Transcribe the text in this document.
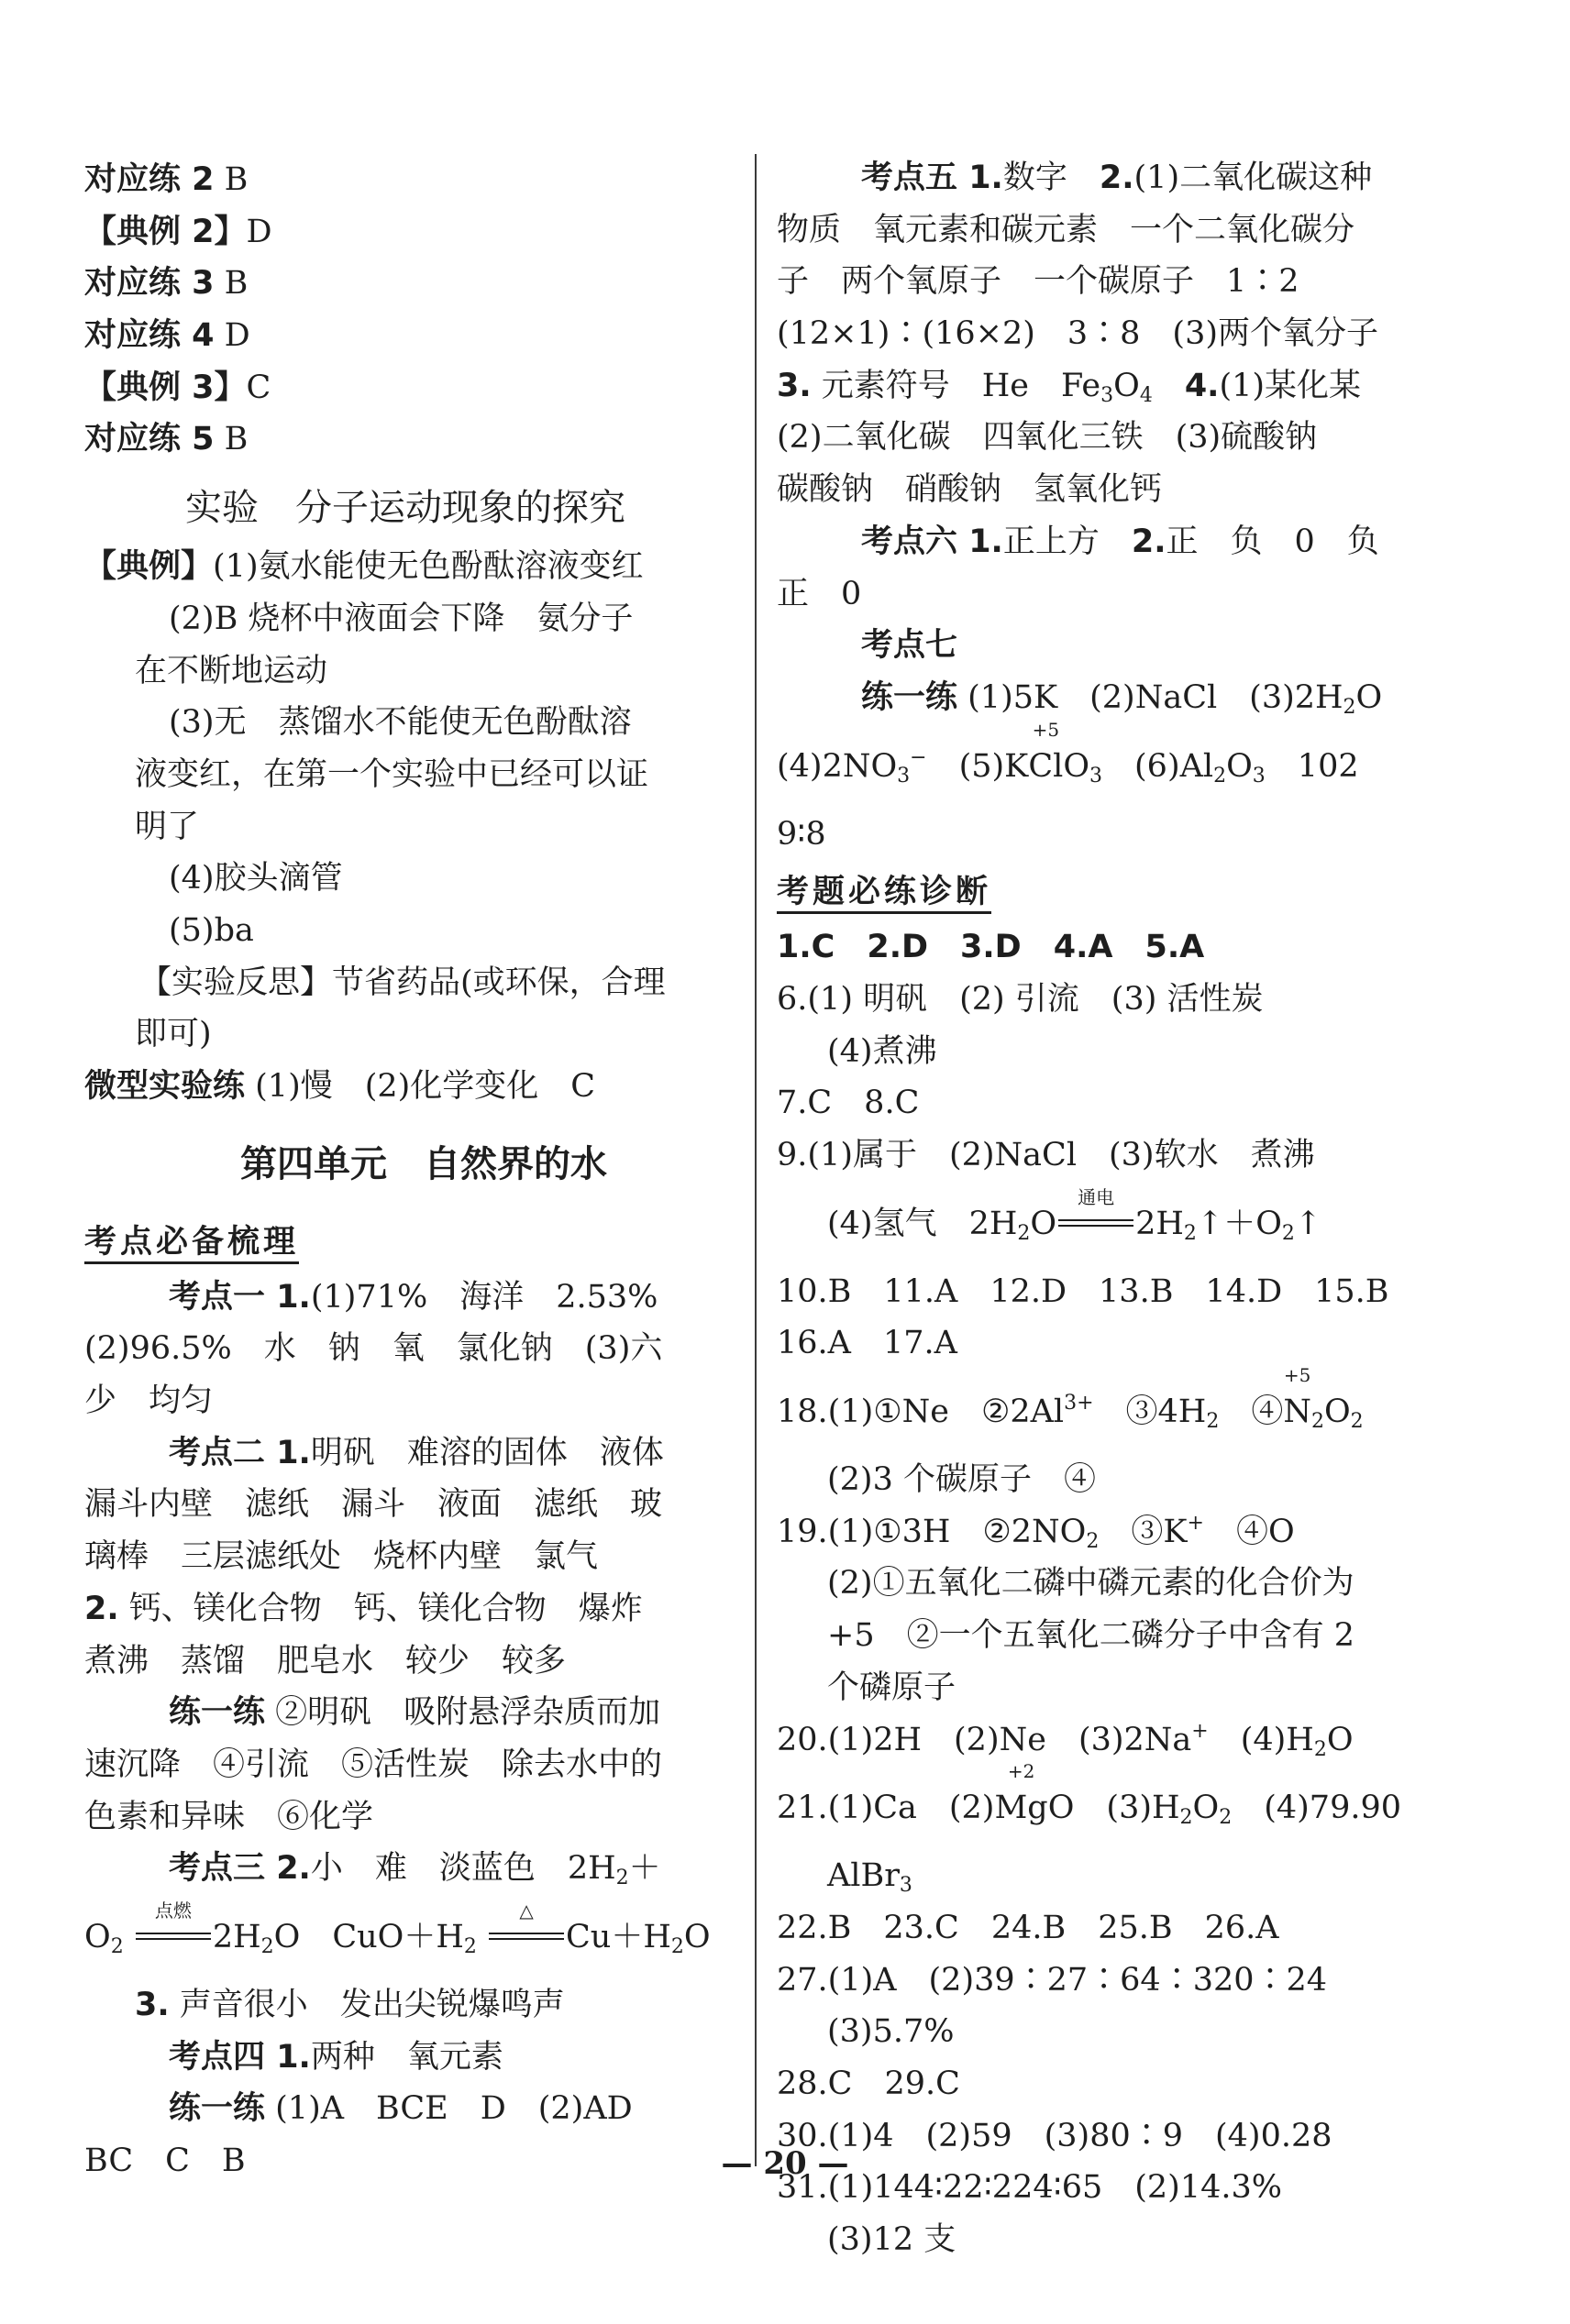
对应练 2 B
【典例 2】D
对应练 3 B
对应练 4 D
【典例 3】C
对应练 5 B
实验　分子运动现象的探究
【典例】(1)氨水能使无色酚酞溶液变红
(2)B 烧杯中液面会下降　氨分子
在不断地运动
(3)无　蒸馏水不能使无色酚酞溶
液变红，在第一个实验中已经可以证
明了
(4)胶头滴管
(5)ba
【实验反思】节省药品(或环保，合理
即可)
微型实验练 (1)慢　(2)化学变化　C
第四单元　自然界的水
考点必备梳理
考点一 1.(1)71%　海洋　2.53%
(2)96.5%　水　钠　氧　氯化钠　(3)六
少　均匀
考点二 1.明矾　难溶的固体　液体
漏斗内壁　滤纸　漏斗　液面　滤纸　玻
璃棒　三层滤纸处　烧杯内壁　氯气
2. 钙、镁化合物　钙、镁化合物　爆炸
煮沸　蒸馏　肥皂水　较少　较多
练一练 ②明矾　吸附悬浮杂质而加
速沉降　④引流　⑤活性炭　除去水中的
色素和异味　⑥化学
考点三 2.小　难　淡蓝色　$2H_2+$
$O_2$
点燃
$2H_2O$　$CuO+H_2$
△
$Cu+H_2O$
3. 声音很小　发出尖锐爆鸣声
考点四 1.两种　氧元素
练一练 (1)A　BCE　D　(2)AD
BC　C　B
考点五 1.数字　2.(1)二氧化碳这种
物质　氧元素和碳元素　一个二氧化碳分
子　两个氧原子　一个碳原子　1∶2
(12×1)∶(16×2)　3∶8　(3)两个氧分子
3. 元素符号　He　$Fe_3O_4$　 4.(1)某化某
(2)二氧化碳　四氧化三铁　(3)硫酸钠
碳酸钠　硝酸钠　氢氧化钙
考点六 1.正上方　2.正　负　0　负
正　0
考点七
练一练 (1)5K　(2)NaCl　$(3)2H_2O$
$(4)2NO_3^-$　(5)K
+5
ClO$_3$　$(6)Al_2O_3$　102
9∶8
考题必练诊断
1.C　2.D　3.D　4.A　5.A
6.(1) 明矾　(2) 引流　(3) 活性炭
(4)煮沸
7.C　8.C
9.(1)属于　(2)NaCl　(3)软水　煮沸
(4)氢气　$2H_2O$
通电
$2H_2↑+O_2↑$
10.B　11.A　12.D　13.B　14.D　15.B
16.A　17.A
18.(1)①Ne　$②2Al^{3+}$　$③4H_2$　④
+5
$N_2O_2$
(2)3 个碳原子　④
19.(1)①3H　$②2NO_2$　③K+　④O
(2)①五氧化二磷中磷元素的化合价为
+5　②一个五氧化二磷分子中含有 2
个磷原子
20.(1)2H　(2)Ne　(3)2Na+　$(4)H_2O$
21.(1)Ca　(2)
+2
MgO　$(3)H_2O_2$　(4)79.90
AlBr$_3$
22.B　23.C　24.B　25.B　26.A
27.(1)A　(2)39∶27∶64∶320∶24
(3)5.7%
28.C　29.C
30.(1)4　(2)59　(3)80∶9　(4)0.28
31.(1)144∶22∶224∶65　(2)14.3%
(3)12 支
— 20 —
